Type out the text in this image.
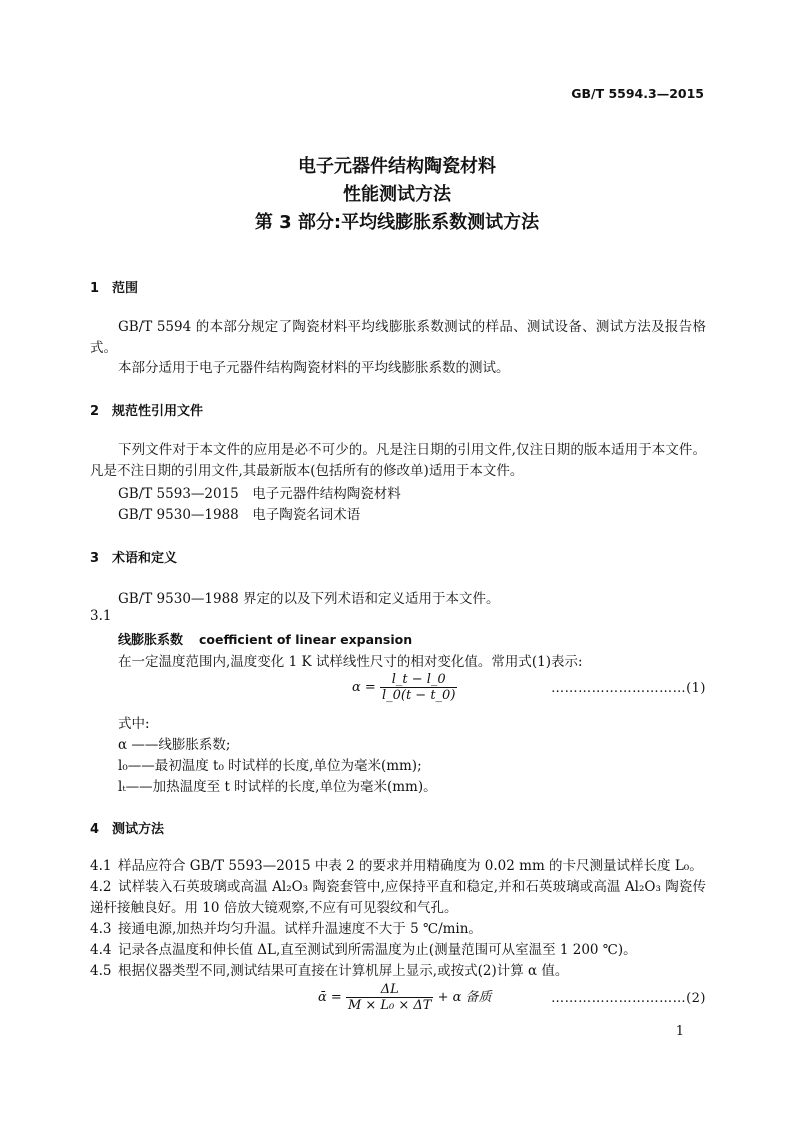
GB/T 5594.3—2015
电子元器件结构陶瓷材料
性能测试方法
第 3 部分:平均线膨胀系数测试方法
1 范围
GB/T 5594 的本部分规定了陶瓷材料平均线膨胀系数测试的样品、测试设备、测试方法及报告格式。
本部分适用于电子元器件结构陶瓷材料的平均线膨胀系数的测试。
2 规范性引用文件
下列文件对于本文件的应用是必不可少的。凡是注日期的引用文件,仅注日期的版本适用于本文件。凡是不注日期的引用文件,其最新版本(包括所有的修改单)适用于本文件。
GB/T 5593—2015　电子元器件结构陶瓷材料
GB/T 9530—1988　电子陶瓷名词术语
3 术语和定义
GB/T 9530—1988 界定的以及下列术语和定义适用于本文件。
3.1
线膨胀系数 coefficient of linear expansion
在一定温度范围内,温度变化 1 K 试样线性尺寸的相对变化值。常用式(1)表示:
$\alpha = \frac{l\_t - l\_0}{l\_0(t - t\_0)}$	…………………………(1)
式中:
α ——线膨胀系数;
l₀——最初温度 t₀ 时试样的长度,单位为毫米(mm);
lₜ——加热温度至 t 时试样的长度,单位为毫米(mm)。
4 测试方法
4.1 样品应符合 GB/T 5593—2015 中表 2 的要求并用精确度为 0.02 mm 的卡尺测量试样长度 L₀。
4.2 试样装入石英玻璃或高温 Al₂O₃ 陶瓷套管中,应保持平直和稳定,并和石英玻璃或高温 Al₂O₃ 陶瓷传递杆接触良好。用 10 倍放大镜观察,不应有可见裂纹和气孔。
4.3 接通电源,加热并均匀升温。试样升温速度不大于 5 ℃/min。
4.4 记录各点温度和伸长值 ΔL,直至测试到所需温度为止(测量范围可从室温至 1 200 ℃)。
4.5 根据仪器类型不同,测试结果可直接在计算机屏上显示,或按式(2)计算 α 值。
ᾱ = $\frac{\Delta L}{\text{M × L₀ × ΔT}} + \alpha$ 备质	…………………………(2)
1
